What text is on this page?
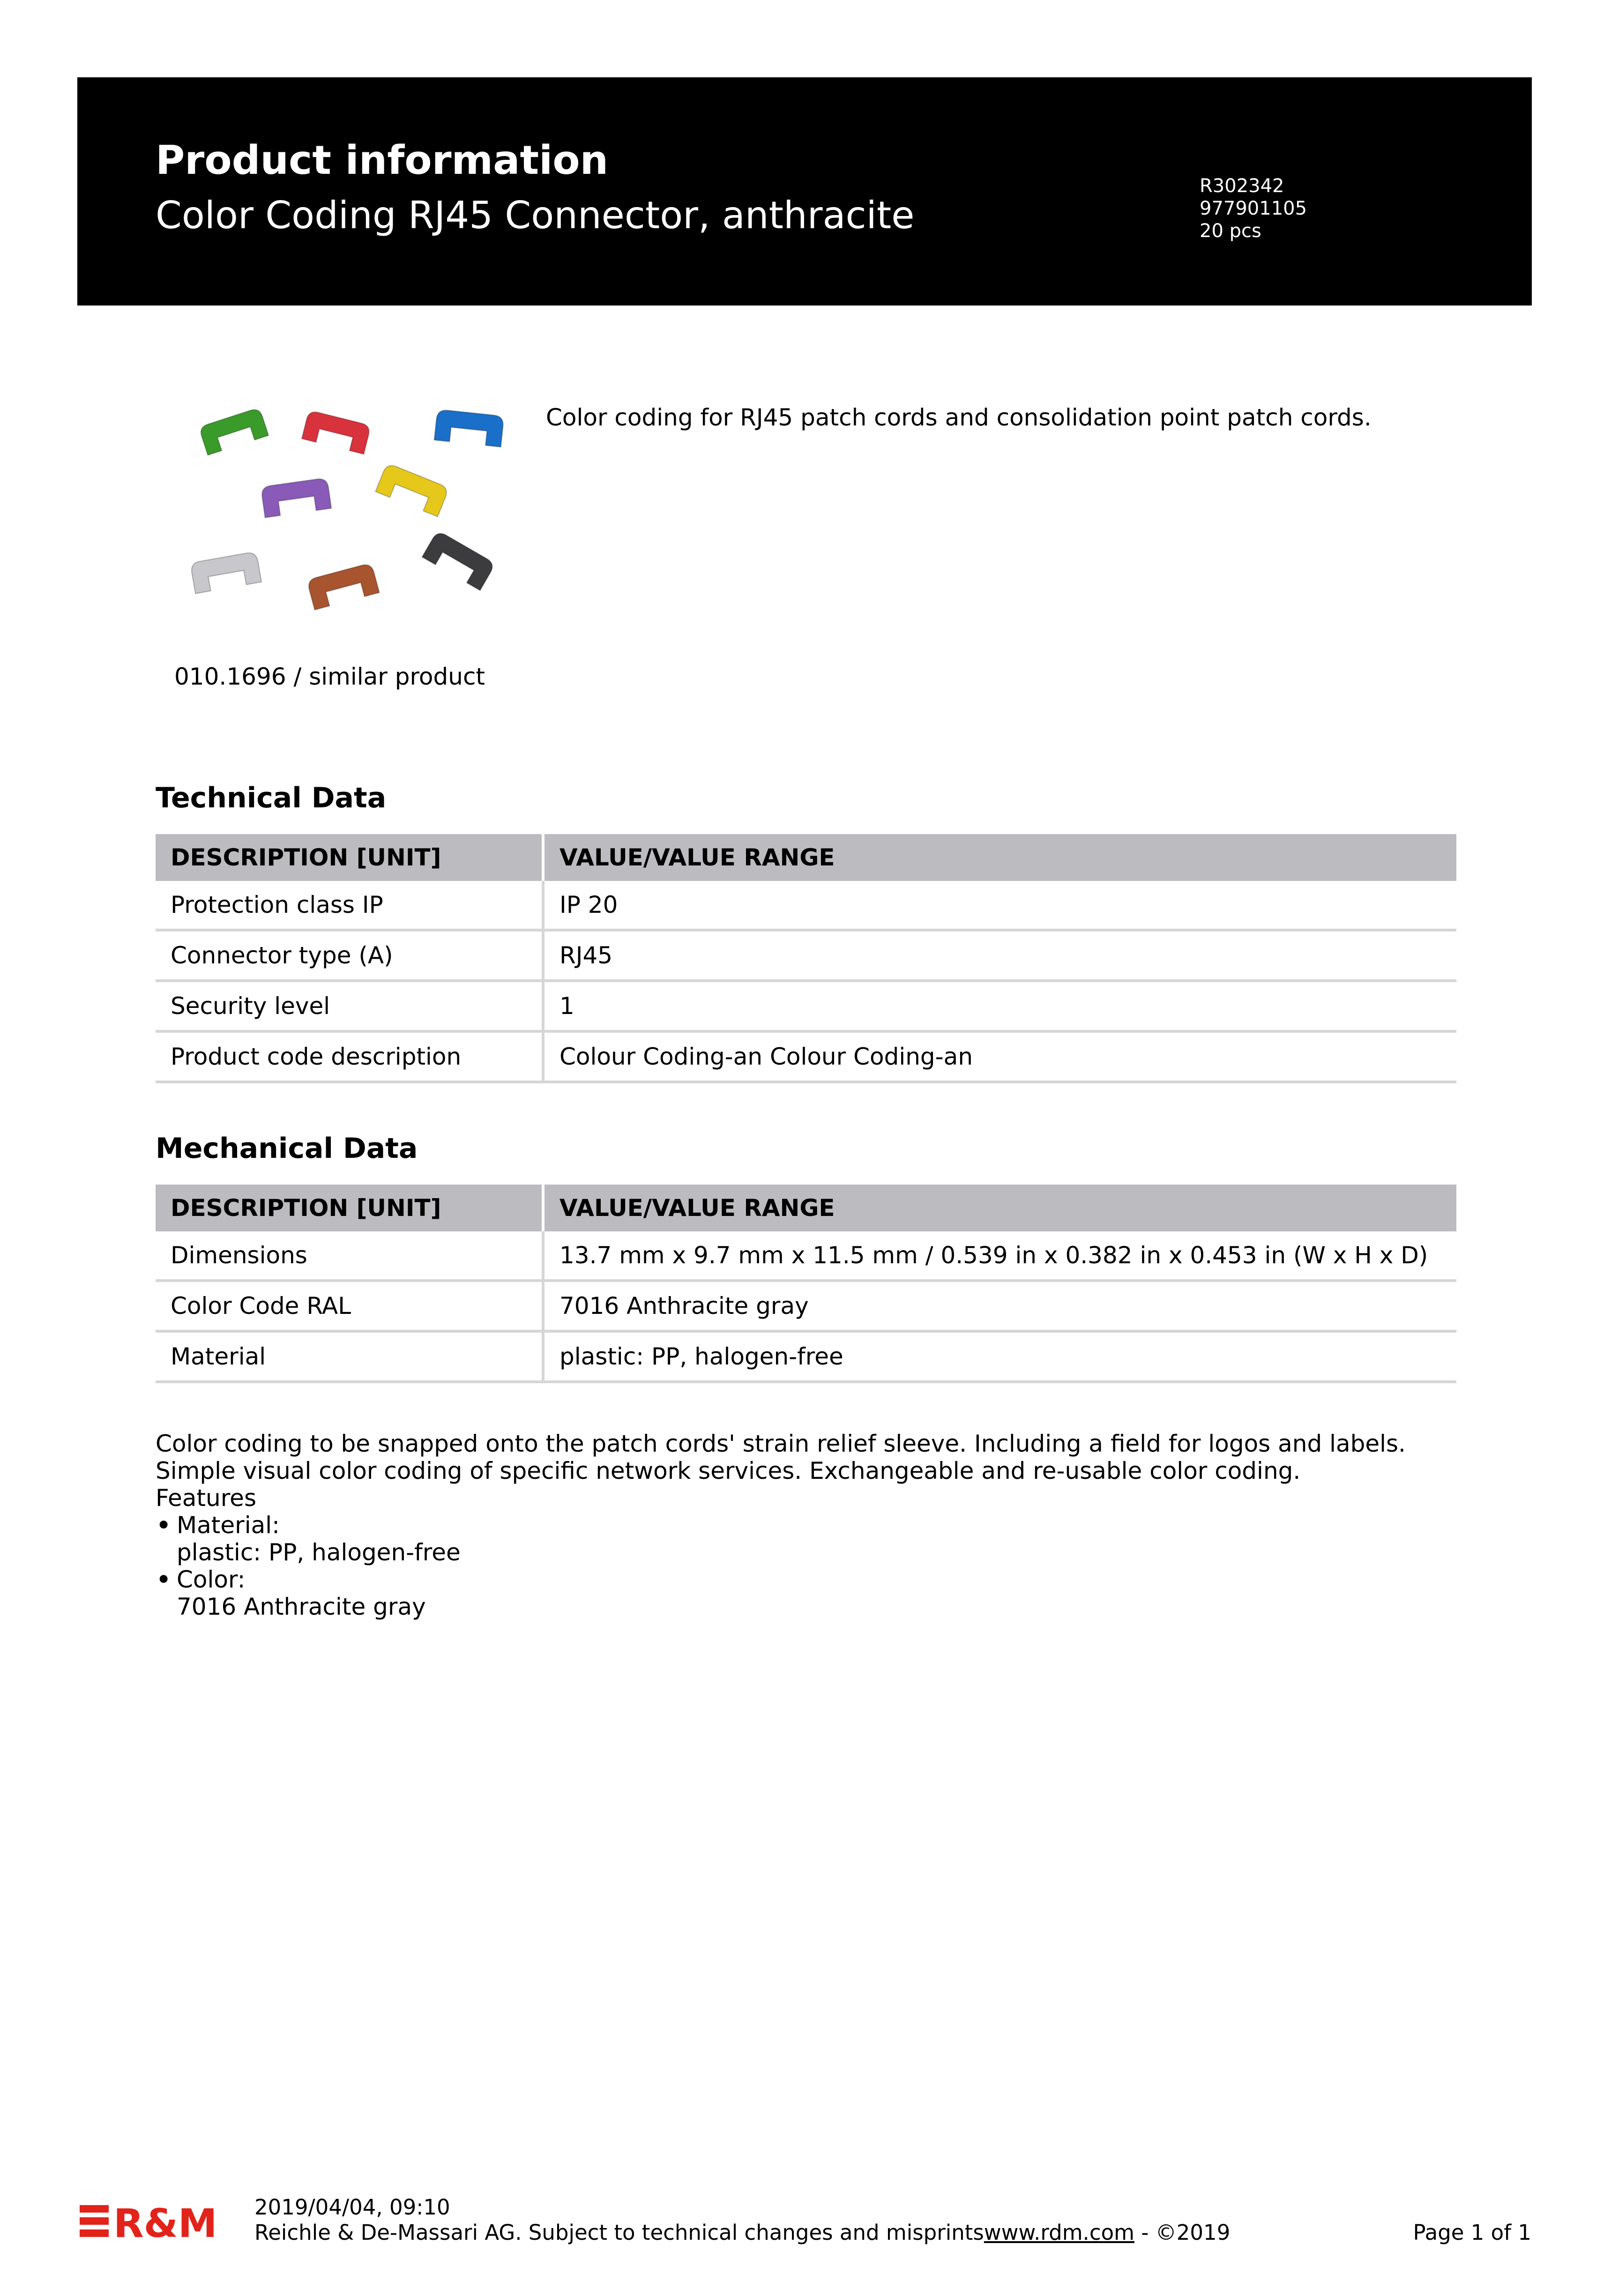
Product information
Color Coding RJ45 Connector, anthracite
R302342
977901105
20 pcs
010.1696 / similar product
Color coding for RJ45 patch cords and consolidation point patch cords.
Technical Data
DESCRIPTION [UNIT]	VALUE/VALUE RANGE
Protection class IP	IP 20
Connector type (A)	RJ45
Security level	1
Product code description	Colour Coding-an Colour Coding-an
Mechanical Data
DESCRIPTION [UNIT]	VALUE/VALUE RANGE
Dimensions	13.7 mm x 9.7 mm x 11.5 mm / 0.539 in x 0.382 in x 0.453 in (W x H x D)
Color Code RAL	7016 Anthracite gray
Material	plastic: PP, halogen-free
Color coding to be snapped onto the patch cords' strain relief sleeve. Including a field for logos and labels.
Simple visual color coding of specific network services. Exchangeable and re-usable color coding.
Features
• Material:
plastic: PP, halogen-free
• Color:
7016 Anthracite gray
R&M 2019/04/04, 09:10
Reichle & De-Massari AG. Subject to technical changes and misprintswww.rdm.com - ©2019	Page 1 of 1
